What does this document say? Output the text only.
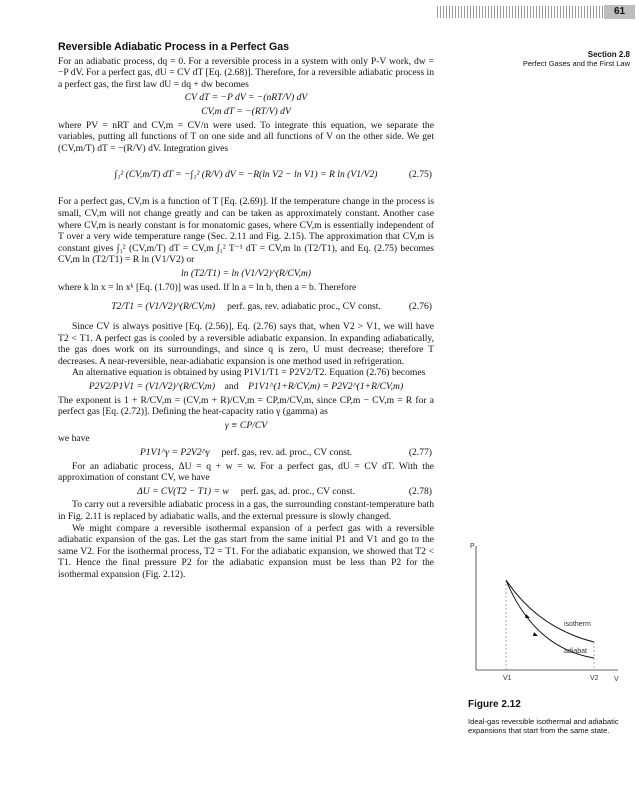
61
Section 2.8
Perfect Gases and the First Law
Reversible Adiabatic Process in a Perfect Gas

For an adiabatic process, dq = 0. For a reversible process in a system with only P-V work, dw = −P dV. For a perfect gas, dU = CV dT [Eq. (2.68)]. Therefore, for a reversible adiabatic process in a perfect gas, the first law dU = dq + dw becomes

CV dT = −P dV = −(nRT/V) dV
CV,m dT = −(RT/V) dV

where PV = nRT and CV,m = CV/n were used. To integrate this equation, we separate the variables, putting all functions of T on one side and all functions of V on the other side. We get (CV,m/T) dT = −(R/V) dV. Integration gives

∫₁² (CV,m/T) dT = −∫₁² (R/V) dV = −R(ln V2 − ln V1) = R ln (V1/V2)	(2.75)

For a perfect gas, CV,m is a function of T [Eq. (2.69)]. If the temperature change in the process is small, CV,m will not change greatly and can be taken as approximately constant. Another case where CV,m is nearly constant is for monatomic gases, where CV,m is essentially independent of T over a very wide temperature range (Sec. 2.11 and Fig. 2.15). The approximation that CV,m is constant gives ∫₁² (CV,m/T) dT = CV,m ∫₁² T⁻¹ dT = CV,m ln (T2/T1), and Eq. (2.75) becomes CV,m ln (T2/T1) = R ln (V1/V2) or

ln (T2/T1) = ln (V1/V2)^(R/CV,m)

where k ln x = ln xᵏ [Eq. (1.70)] was used. If ln a = ln b, then a = b. Therefore

T2/T1 = (V1/V2)^(R/CV,m) perf. gas, rev. adiabatic proc., CV const.	(2.76)

Since CV is always positive [Eq. (2.56)], Eq. (2.76) says that, when V2 > V1, we will have T2 < T1. A perfect gas is cooled by a reversible adiabatic expansion. In expanding adiabatically, the gas does work on its surroundings, and since q is zero, U must decrease; therefore T decreases. A near-reversible, near-adiabatic expansion is one method used in refrigeration.

An alternative equation is obtained by using P1V1/T1 = P2V2/T2. Equation (2.76) becomes

P2V2/P1V1 = (V1/V2)^(R/CV,m) and P1V1^(1+R/CV,m) = P2V2^(1+R/CV,m)

The exponent is 1 + R/CV,m = (CV,m + R)/CV,m = CP,m/CV,m, since CP,m − CV,m = R for a perfect gas [Eq. (2.72)]. Defining the heat-capacity ratio γ (gamma) as

γ ≡ CP/CV

we have

P1V1^γ = P2V2^γ perf. gas, rev. ad. proc., CV const.	(2.77)

For an adiabatic process, ΔU = q + w = w. For a perfect gas, dU = CV dT. With the approximation of constant CV, we have

ΔU = CV(T2 − T1) = w perf. gas, ad. proc., CV const.	(2.78)

To carry out a reversible adiabatic process in a gas, the surrounding constant-temperature bath in Fig. 2.11 is replaced by adiabatic walls, and the external pressure is slowly changed.

We might compare a reversible isothermal expansion of a perfect gas with a reversible adiabatic expansion of the gas. Let the gas start from the same initial P1 and V1 and go to the same V2. For the isothermal process, T2 = T1. For the adiabatic expansion, we showed that T2 < T1. Hence the final pressure P2 for the adiabatic expansion must be less than P2 for the isothermal expansion (Fig. 2.12).

P
V
isotherm
adiabat
V1	V2
Figure 2.12
Ideal-gas reversible isothermal and adiabatic expansions that start from the same state.
